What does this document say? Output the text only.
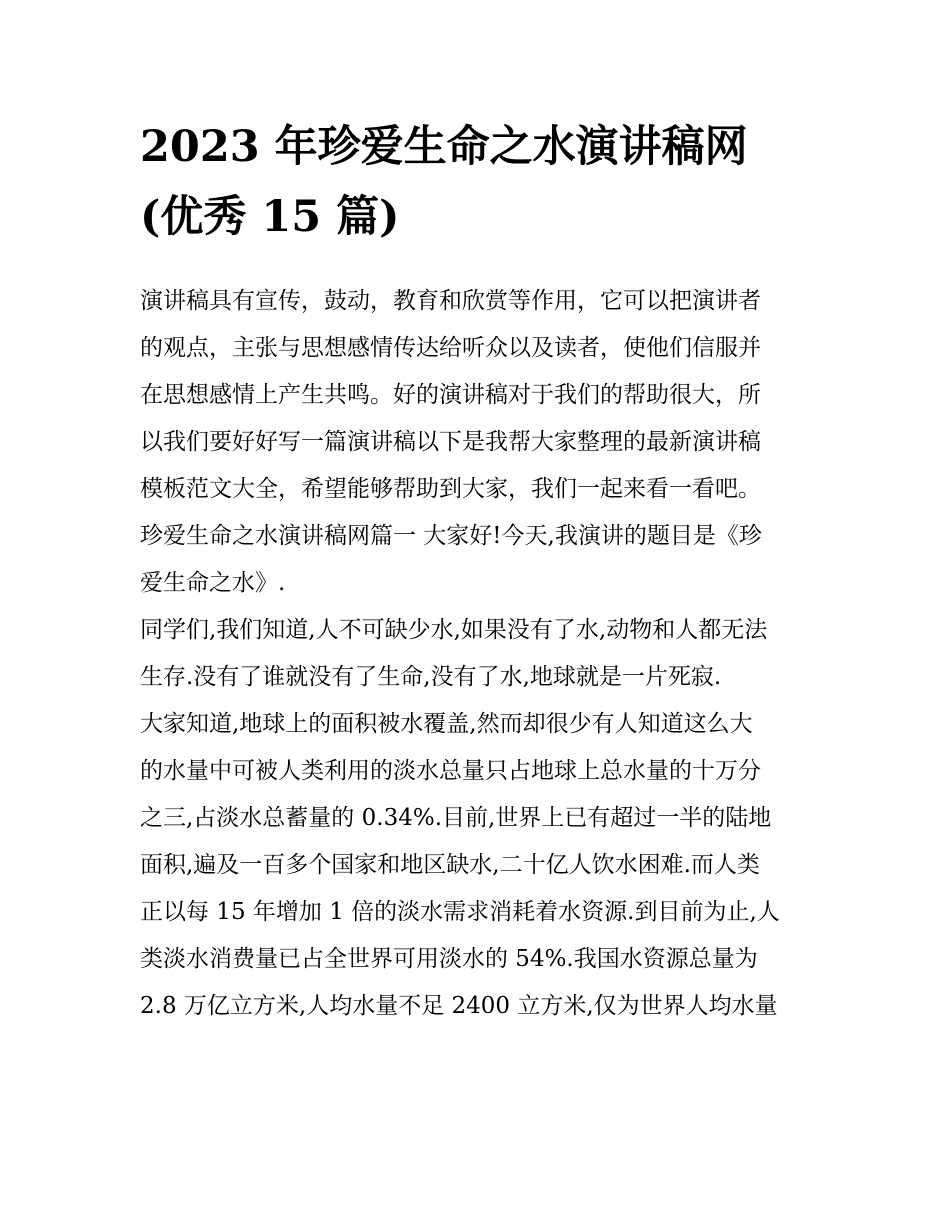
2023 年珍爱生命之水演讲稿网
(优秀 15 篇)
演讲稿具有宣传，鼓动，教育和欣赏等作用，它可以把演讲者
的观点，主张与思想感情传达给听众以及读者，使他们信服并
在思想感情上产生共鸣。好的演讲稿对于我们的帮助很大，所
以我们要好好写一篇演讲稿以下是我帮大家整理的最新演讲稿
模板范文大全，希望能够帮助到大家，我们一起来看一看吧。
珍爱生命之水演讲稿网篇一 大家好!今天,我演讲的题目是《珍
爱生命之水》.
同学们,我们知道,人不可缺少水,如果没有了水,动物和人都无法
生存.没有了谁就没有了生命,没有了水,地球就是一片死寂.
大家知道,地球上的面积被水覆盖,然而却很少有人知道这么大
的水量中可被人类利用的淡水总量只占地球上总水量的十万分
之三,占淡水总蓄量的 0.34%.目前,世界上已有超过一半的陆地
面积,遍及一百多个国家和地区缺水,二十亿人饮水困难.而人类
正以每 15 年增加 1 倍的淡水需求消耗着水资源.到目前为止,人
类淡水消费量已占全世界可用淡水的 54%.我国水资源总量为
2.8 万亿立方米,人均水量不足 2400 立方米,仅为世界人均水量
